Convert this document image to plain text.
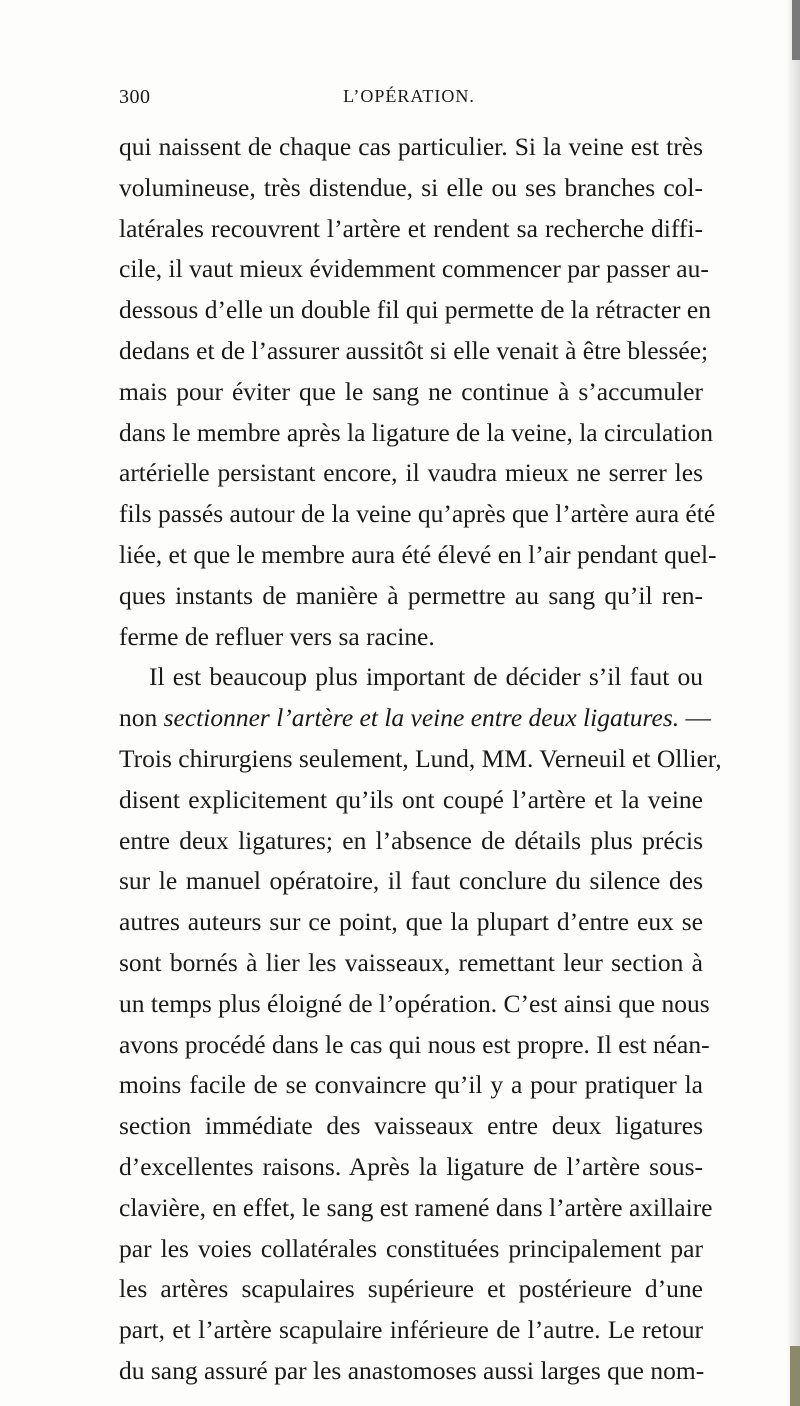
300	L’OPÉRATION.
qui naissent de chaque cas particulier. Si la veine est très
volumineuse, très distendue, si elle ou ses branches col-
latérales recouvrent l’artère et rendent sa recherche diffi-
cile, il vaut mieux évidemment commencer par passer au-
dessous d’elle un double fil qui permette de la rétracter en
dedans et de l’assurer aussitôt si elle venait à être blessée;
mais pour éviter que le sang ne continue à s’accumuler
dans le membre après la ligature de la veine, la circulation
artérielle persistant encore, il vaudra mieux ne serrer les
fils passés autour de la veine qu’après que l’artère aura été
liée, et que le membre aura été élevé en l’air pendant quel-
ques instants de manière à permettre au sang qu’il ren-
ferme de refluer vers sa racine.
Il est beaucoup plus important de décider s’il faut ou
non sectionner l’artère et la veine entre deux ligatures. —
Trois chirurgiens seulement, Lund, MM. Verneuil et Ollier,
disent explicitement qu’ils ont coupé l’artère et la veine
entre deux ligatures; en l’absence de détails plus précis
sur le manuel opératoire, il faut conclure du silence des
autres auteurs sur ce point, que la plupart d’entre eux se
sont bornés à lier les vaisseaux, remettant leur section à
un temps plus éloigné de l’opération. C’est ainsi que nous
avons procédé dans le cas qui nous est propre. Il est néan-
moins facile de se convaincre qu’il y a pour pratiquer la
section immédiate des vaisseaux entre deux ligatures
d’excellentes raisons. Après la ligature de l’artère sous-
clavière, en effet, le sang est ramené dans l’artère axillaire
par les voies collatérales constituées principalement par
les artères scapulaires supérieure et postérieure d’une
part, et l’artère scapulaire inférieure de l’autre. Le retour
du sang assuré par les anastomoses aussi larges que nom-
